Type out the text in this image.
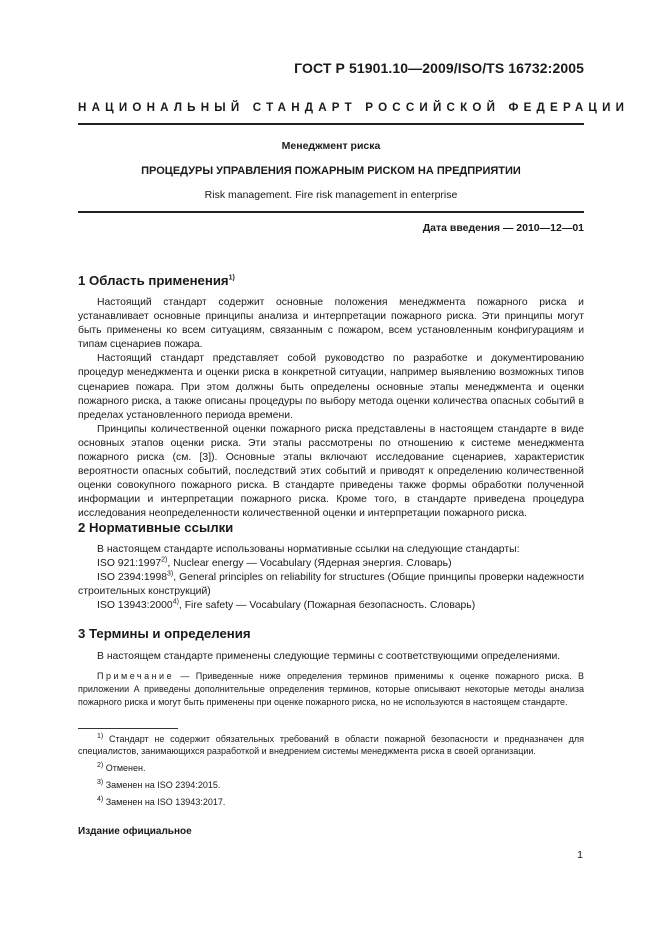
ГОСТ Р 51901.10—2009/ISO/TS 16732:2005
НАЦИОНАЛЬНЫЙ СТАНДАРТ РОССИЙСКОЙ ФЕДЕРАЦИИ
Менеджмент риска
ПРОЦЕДУРЫ УПРАВЛЕНИЯ ПОЖАРНЫМ РИСКОМ НА ПРЕДПРИЯТИИ
Risk management. Fire risk management in enterprise
Дата введения — 2010—12—01
1 Область применения$^{1)}$

Настоящий стандарт содержит основные положения менеджмента пожарного риска и устанавливает основные принципы анализа и интерпретации пожарного риска. Эти принципы могут быть применены ко всем ситуациям, связанным с пожаром, всем установленным конфигурациям и типам сценариев пожара.

Настоящий стандарт представляет собой руководство по разработке и документированию процедур менеджмента и оценки риска в конкретной ситуации, например выявлению возможных типов сценариев пожара. При этом должны быть определены основные этапы менеджмента и оценки пожарного риска, а также описаны процедуры по выбору метода оценки количества опасных событий в пределах установленного периода времени.

Принципы количественной оценки пожарного риска представлены в настоящем стандарте в виде основных этапов оценки риска. Эти этапы рассмотрены по отношению к системе менеджмента пожарного риска (см. [3]). Основные этапы включают исследование сценариев, характеристик вероятности опасных событий, последствий этих событий и приводят к определению количественной оценки совокупного пожарного риска. В стандарте приведены также формы обработки полученной информации и интерпретации пожарного риска. Кроме того, в стандарте приведена процедура исследования неопределенности количественной оценки и интерпретации пожарного риска.

2 Нормативные ссылки

В настоящем стандарте использованы нормативные ссылки на следующие стандарты:

ISO 921:1997$^{2)}$, Nuclear energy — Vocabulary (Ядерная энергия. Словарь)

ISO 2394:1998$^{3)}$, General principles on reliability for structures (Общие принципы проверки надежности строительных конструкций)

ISO 13943:2000$^{4)}$, Fire safety — Vocabulary (Пожарная безопасность. Словарь)

3 Термины и определения

В настоящем стандарте применены следующие термины с соответствующими определениями.

Примечание — Приведенные ниже определения терминов применимы к оценке пожарного риска. В приложении А приведены дополнительные определения терминов, которые описывают некоторые методы анализа пожарного риска и могут быть применены при оценке пожарного риска, но не используются в настоящем стандарте.

$^{1)}$ Стандарт не содержит обязательных требований в области пожарной безопасности и предназначен для специалистов, занимающихся разработкой и внедрением системы менеджмента риска в своей организации.

$^{2)}$ Отменен.

$^{3)}$ Заменен на ISO 2394:2015.

$^{4)}$ Заменен на ISO 13943:2017.

Издание официальное
1
